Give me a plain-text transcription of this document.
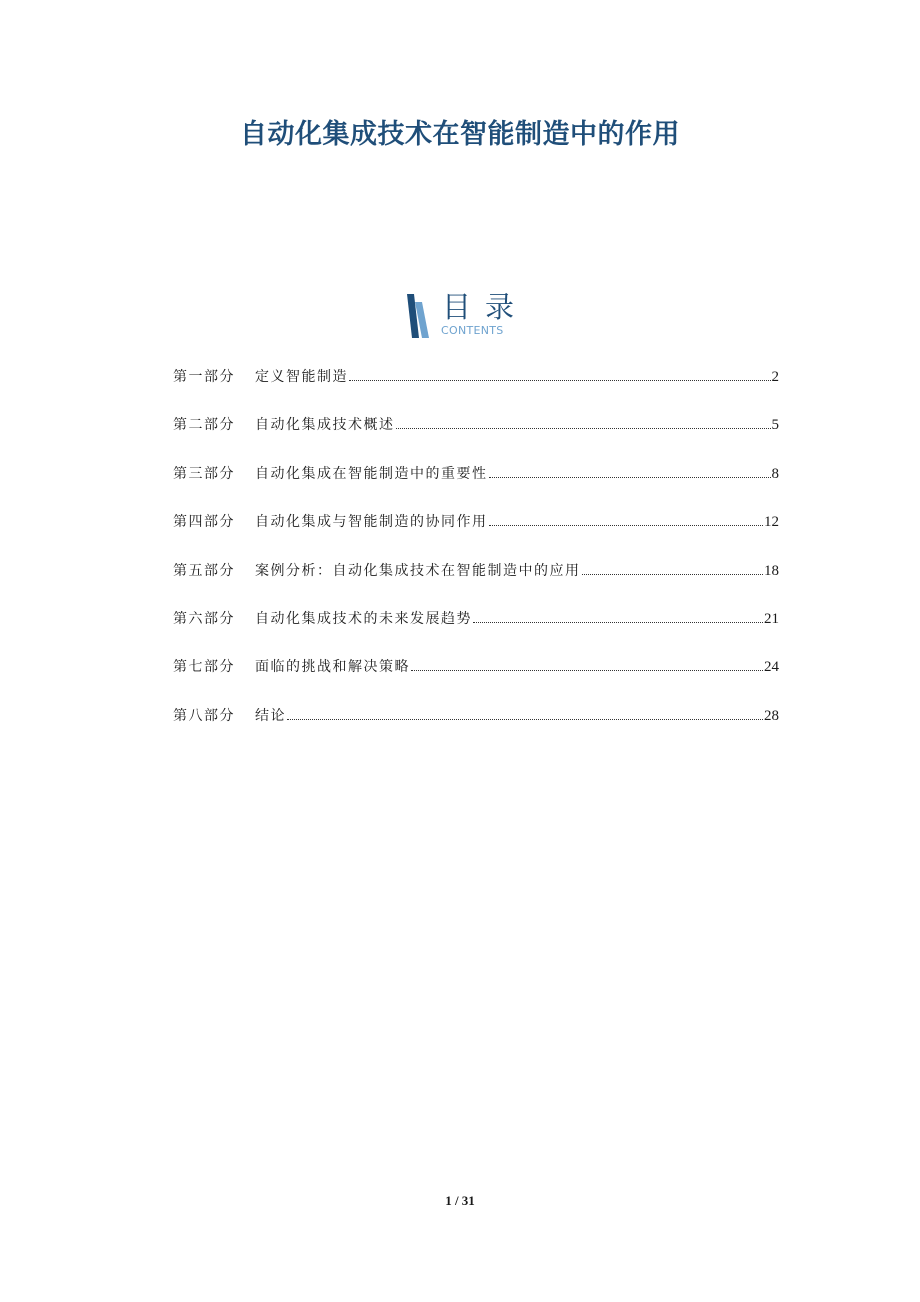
自动化集成技术在智能制造中的作用
目录
CONTENTS
第一部分	定义智能制造	2
第二部分	自动化集成技术概述	5
第三部分	自动化集成在智能制造中的重要性	8
第四部分	自动化集成与智能制造的协同作用	12
第五部分	案例分析：自动化集成技术在智能制造中的应用	18
第六部分	自动化集成技术的未来发展趋势	21
第七部分	面临的挑战和解决策略	24
第八部分	结论	28
1 / 31
